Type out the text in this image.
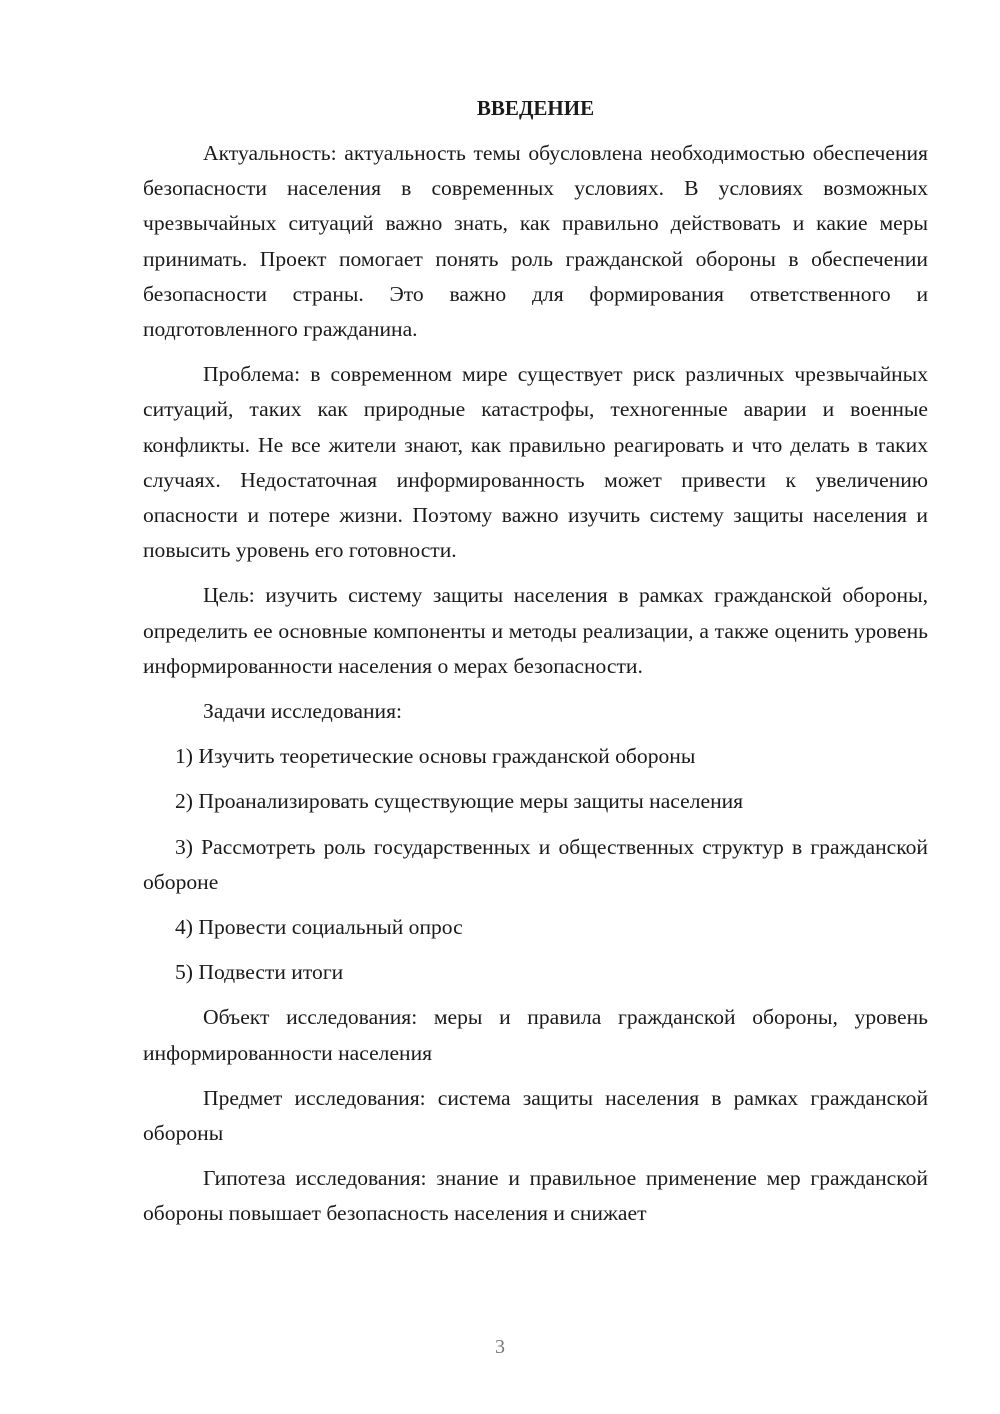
ВВЕДЕНИЕ

Актуальность: актуальность темы обусловлена необходимостью обеспечения безопасности населения в современных условиях. В условиях возможных чрезвычайных ситуаций важно знать, как правильно действовать и какие меры принимать. Проект помогает понять роль гражданской обороны в обеспечении безопасности страны. Это важно для формирования ответственного и подготовленного гражданина.

Проблема: в современном мире существует риск различных чрезвычайных ситуаций, таких как природные катастрофы, техногенные аварии и военные конфликты. Не все жители знают, как правильно реагировать и что делать в таких случаях. Недостаточная информированность может привести к увеличению опасности и потере жизни. Поэтому важно изучить систему защиты населения и повысить уровень его готовности.

Цель: изучить систему защиты населения в рамках гражданской обороны, определить ее основные компоненты и методы реализации, а также оценить уровень информированности населения о мерах безопасности.

Задачи исследования:

1) Изучить теоретические основы гражданской обороны

2) Проанализировать существующие меры защиты населения

3) Рассмотреть роль государственных и общественных структур в гражданской обороне

4) Провести социальный опрос

5) Подвести итоги

Объект исследования: меры и правила гражданской обороны, уровень информированности населения

Предмет исследования: система защиты населения в рамках гражданской обороны

Гипотеза исследования: знание и правильное применение мер гражданской обороны повышает безопасность населения и снижает

3
